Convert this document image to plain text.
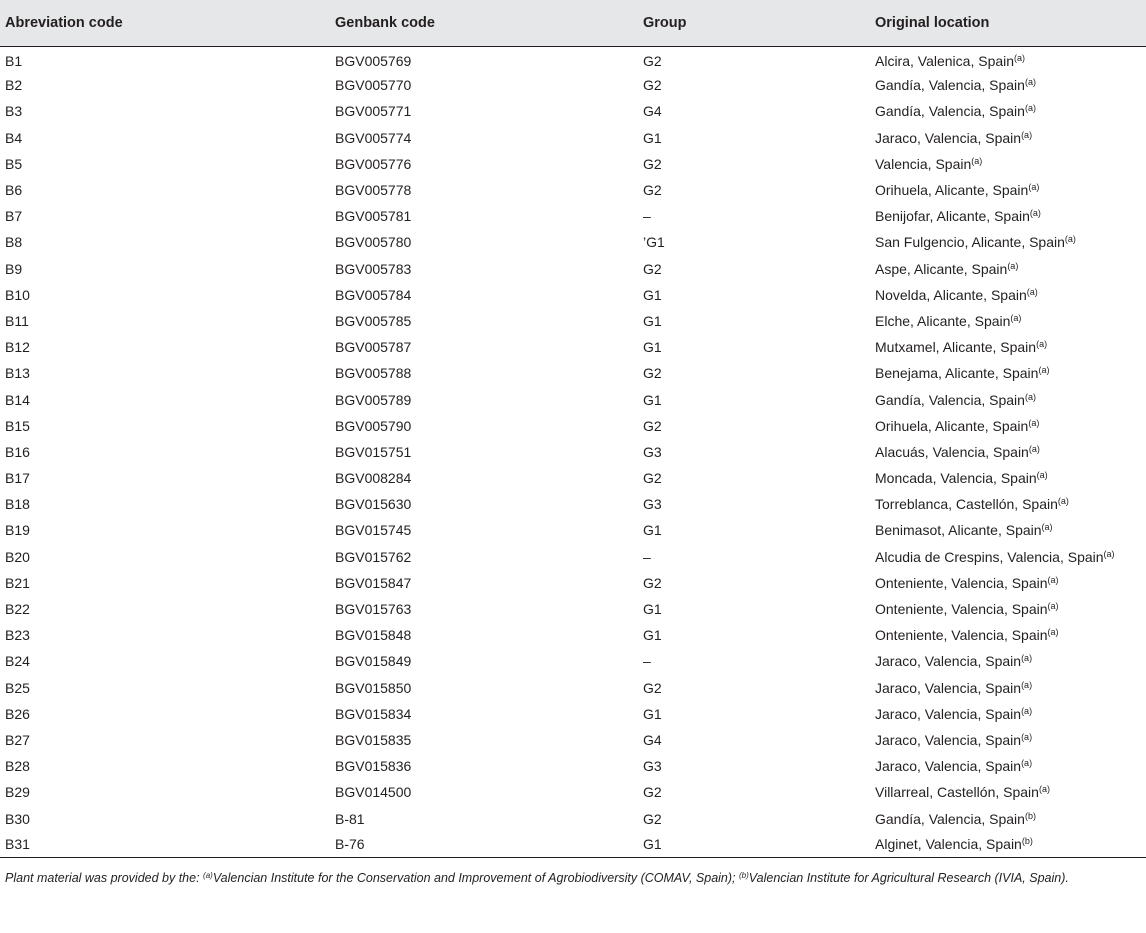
Abreviation code	Genbank code	Group	Original location
B1	BGV005769	G2	Alcira, Valenica, Spain$^{(a)}$
B2	BGV005770	G2	Gandía, Valencia, Spain$^{(a)}$
B3	BGV005771	G4	Gandía, Valencia, Spain$^{(a)}$
B4	BGV005774	G1	Jaraco, Valencia, Spain$^{(a)}$
B5	BGV005776	G2	Valencia, Spain$^{(a)}$
B6	BGV005778	G2	Orihuela, Alicante, Spain$^{(a)}$
B7	BGV005781	–	Benijofar, Alicante, Spain$^{(a)}$
B8	BGV005780	’G1	San Fulgencio, Alicante, Spain$^{(a)}$
B9	BGV005783	G2	Aspe, Alicante, Spain$^{(a)}$
B10	BGV005784	G1	Novelda, Alicante, Spain$^{(a)}$
B11	BGV005785	G1	Elche, Alicante, Spain$^{(a)}$
B12	BGV005787	G1	Mutxamel, Alicante, Spain$^{(a)}$
B13	BGV005788	G2	Benejama, Alicante, Spain$^{(a)}$
B14	BGV005789	G1	Gandía, Valencia, Spain$^{(a)}$
B15	BGV005790	G2	Orihuela, Alicante, Spain$^{(a)}$
B16	BGV015751	G3	Alacuás, Valencia, Spain$^{(a)}$
B17	BGV008284	G2	Moncada, Valencia, Spain$^{(a)}$
B18	BGV015630	G3	Torreblanca, Castellón, Spain$^{(a)}$
B19	BGV015745	G1	Benimasot, Alicante, Spain$^{(a)}$
B20	BGV015762	–	Alcudia de Crespins, Valencia, Spain$^{(a)}$
B21	BGV015847	G2	Onteniente, Valencia, Spain$^{(a)}$
B22	BGV015763	G1	Onteniente, Valencia, Spain$^{(a)}$
B23	BGV015848	G1	Onteniente, Valencia, Spain$^{(a)}$
B24	BGV015849	–	Jaraco, Valencia, Spain$^{(a)}$
B25	BGV015850	G2	Jaraco, Valencia, Spain$^{(a)}$
B26	BGV015834	G1	Jaraco, Valencia, Spain$^{(a)}$
B27	BGV015835	G4	Jaraco, Valencia, Spain$^{(a)}$
B28	BGV015836	G3	Jaraco, Valencia, Spain$^{(a)}$
B29	BGV014500	G2	Villarreal, Castellón, Spain$^{(a)}$
B30	B-81	G2	Gandía, Valencia, Spain$^{(b)}$
B31	B-76	G1	Alginet, Valencia, Spain$^{(b)}$
Plant material was provided by the: $^{(a)}$Valencian Institute for the Conservation and Improvement of Agrobiodiversity (COMAV, Spain); $^{(b)}$Valencian Institute for Agricultural Research (IVIA, Spain).
